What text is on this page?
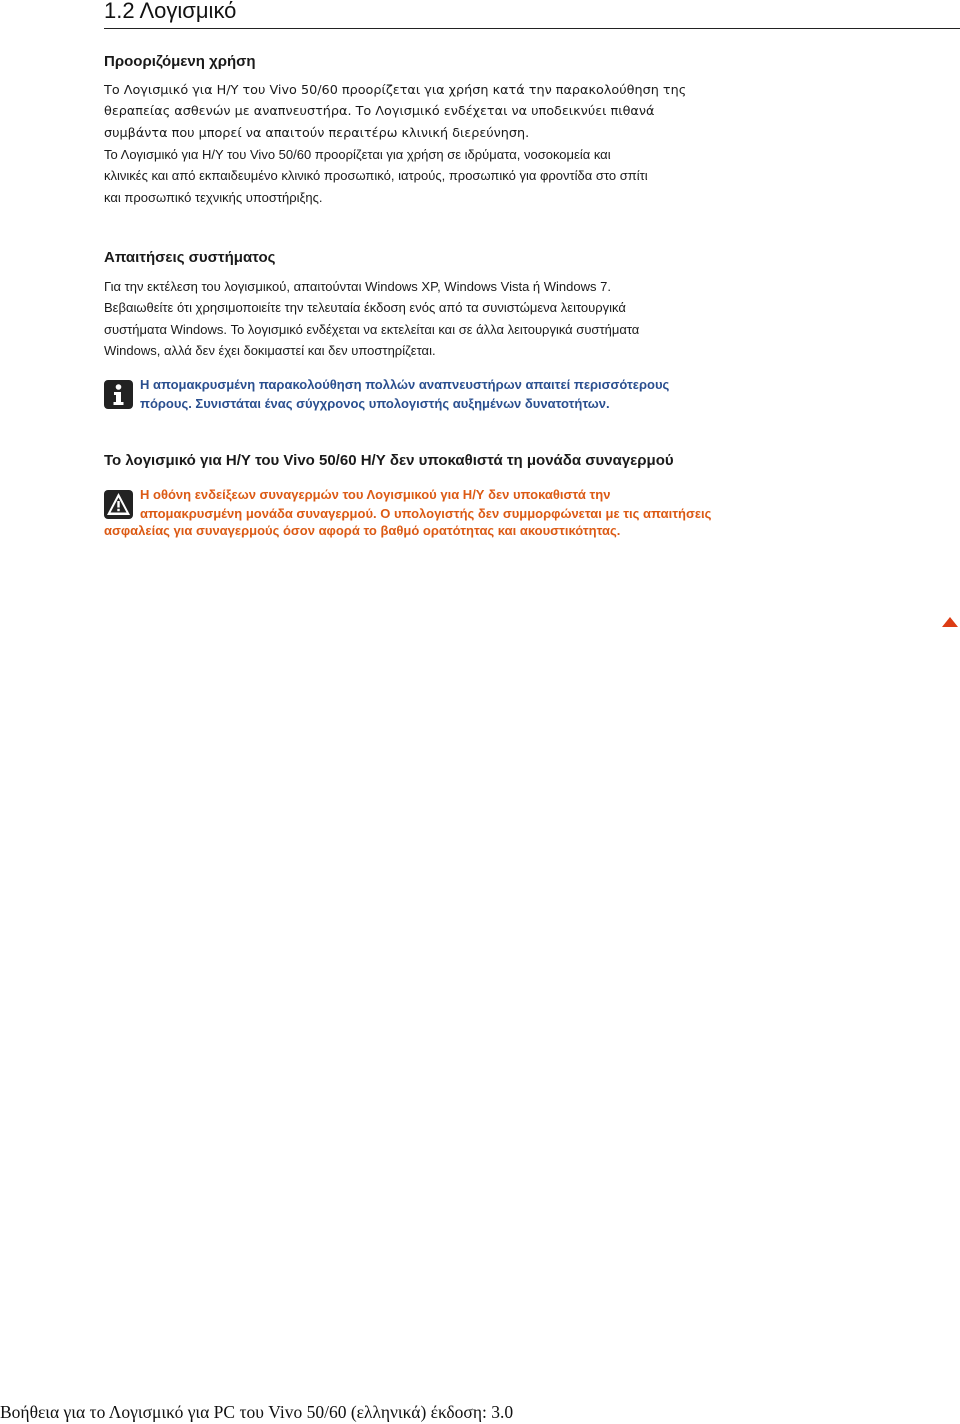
1.2 Λογισμικό
Προοριζόμενη χρήση

Το Λογισμικό για Η/Υ του Vivo 50/60 προορίζεται για χρήση κατά την παρακολούθηση της
θεραπείας ασθενών με αναπνευστήρα. Το Λογισμικό ενδέχεται να υποδεικνύει πιθανά
συμβάντα που μπορεί να απαιτούν περαιτέρω κλινική διερεύνηση.

Το Λογισμικό για Η/Υ του Vivo 50/60 προορίζεται για χρήση σε ιδρύματα, νοσοκομεία και
κλινικές και από εκπαιδευμένο κλινικό προσωπικό, ιατρούς, προσωπικό για φροντίδα στο σπίτι
και προσωπικό τεχνικής υποστήριξης.

Απαιτήσεις συστήματος

Για την εκτέλεση του λογισμικού, απαιτούνται Windows XP, Windows Vista ή Windows 7.
Βεβαιωθείτε ότι χρησιμοποιείτε την τελευταία έκδοση ενός από τα συνιστώμενα λειτουργικά
συστήματα Windows. Το λογισμικό ενδέχεται να εκτελείται και σε άλλα λειτουργικά συστήματα
Windows, αλλά δεν έχει δοκιμαστεί και δεν υποστηρίζεται.

Η απομακρυσμένη παρακολούθηση πολλών αναπνευστήρων απαιτεί περισσότερους
πόρους. Συνιστάται ένας σύγχρονος υπολογιστής αυξημένων δυνατοτήτων.

Το λογισμικό για Η/Υ του Vivo 50/60 Η/Υ δεν υποκαθιστά τη μονάδα συναγερμού

Η οθόνη ενδείξεων συναγερμών του Λογισμικού για Η/Υ δεν υποκαθιστά την
απομακρυσμένη μονάδα συναγερμού. Ο υπολογιστής δεν συμμορφώνεται με τις απαιτήσεις

ασφαλείας για συναγερμούς όσον αφορά το βαθμό ορατότητας και ακουστικότητας.

Βοήθεια για το Λογισμικό για PC του Vivo 50/60 (ελληνικά) έκδοση: 3.0
